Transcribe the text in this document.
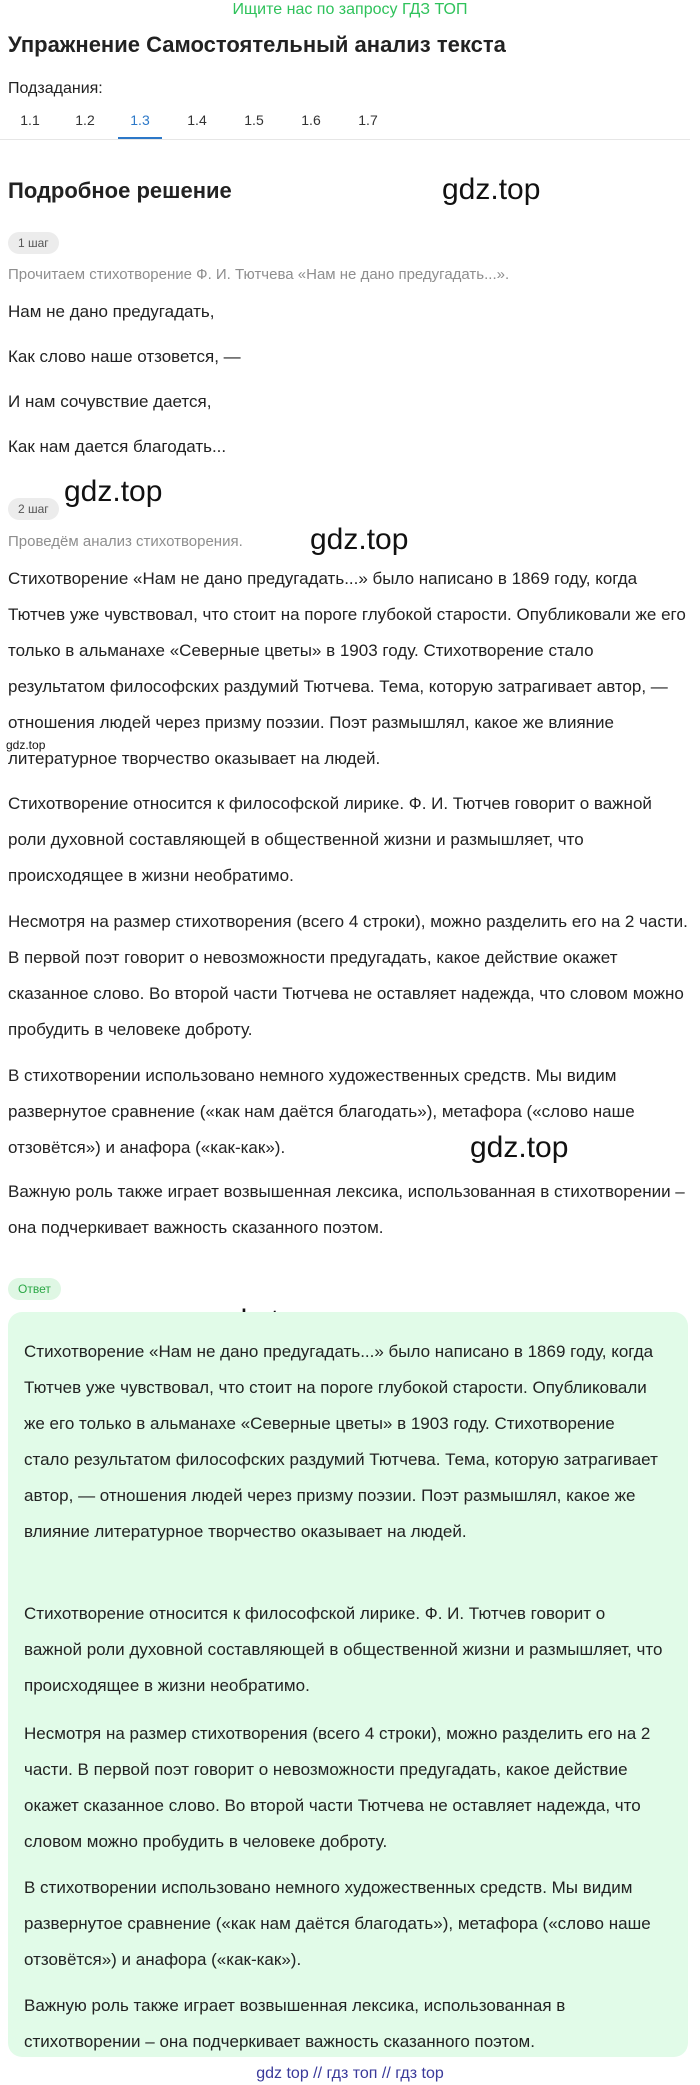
Ищите нас по запросу ГДЗ ТОП
Упражнение Самостоятельный анализ текста
Подзадания:
1.1	1.2	1.3	1.4	1.5	1.6	1.7
Подробное решение	gdz.top
gdz.top
gdz.top
gdz.top
gdz.top
1 шаг
Прочитаем стихотворение Ф. И. Тютчева «Нам не дано предугадать...».
Нам не дано предугадать,
Как слово наше отзовется, —
И нам сочувствие дается,
Как нам дается благодать...
2 шаг
Проведём анализ стихотворения.

Стихотворение «Нам не дано предугадать...» было написано в 1869 году, когда Тютчев уже чувствовал, что стоит на пороге глубокой старости. Опубликовали же его только в альманахе «Северные цветы» в 1903 году. Стихотворение стало результатом философских раздумий Тютчева. Тема, которую затрагивает автор, — отношения людей через призму поэзии. Поэт размышлял, какое же влияние литературное творчество оказывает на людей.

Стихотворение относится к философской лирике. Ф. И. Тютчев говорит о важной роли духовной составляющей в общественной жизни и размышляет, что происходящее в жизни необратимо.

Несмотря на размер стихотворения (всего 4 строки), можно разделить его на 2 части. В первой поэт говорит о невозможности предугадать, какое действие окажет сказанное слово. Во второй части Тютчева не оставляет надежда, что словом можно пробудить в человеке доброту.

В стихотворении использовано немного художественных средств. Мы видим развернутое сравнение («как нам даётся благодать»), метафора («слово наше отзовётся») и анафора («как-как»).

Важную роль также играет возвышенная лексика, использованная в стихотворении – она подчеркивает важность сказанного поэтом.

Ответ

Стихотворение «Нам не дано предугадать...» было написано в 1869 году, когда Тютчев уже чувствовал, что стоит на пороге глубокой старости. Опубликовали же его только в альманахе «Северные цветы» в 1903 году. Стихотворение стало результатом философских раздумий Тютчева. Тема, которую затрагивает автор, — отношения людей через призму поэзии. Поэт размышлял, какое же влияние литературное творчество оказывает на людей.

Стихотворение относится к философской лирике. Ф. И. Тютчев говорит о важной роли духовной составляющей в общественной жизни и размышляет, что происходящее в жизни необратимо.

Несмотря на размер стихотворения (всего 4 строки), можно разделить его на 2 части. В первой поэт говорит о невозможности предугадать, какое действие окажет сказанное слово. Во второй части Тютчева не оставляет надежда, что словом можно пробудить в человеке доброту.

В стихотворении использовано немного художественных средств. Мы видим развернутое сравнение («как нам даётся благодать»), метафора («слово наше отзовётся») и анафора («как-как»).

Важную роль также играет возвышенная лексика, использованная в стихотворении – она подчеркивает важность сказанного поэтом.

gdz top // гдз топ // гдз top
